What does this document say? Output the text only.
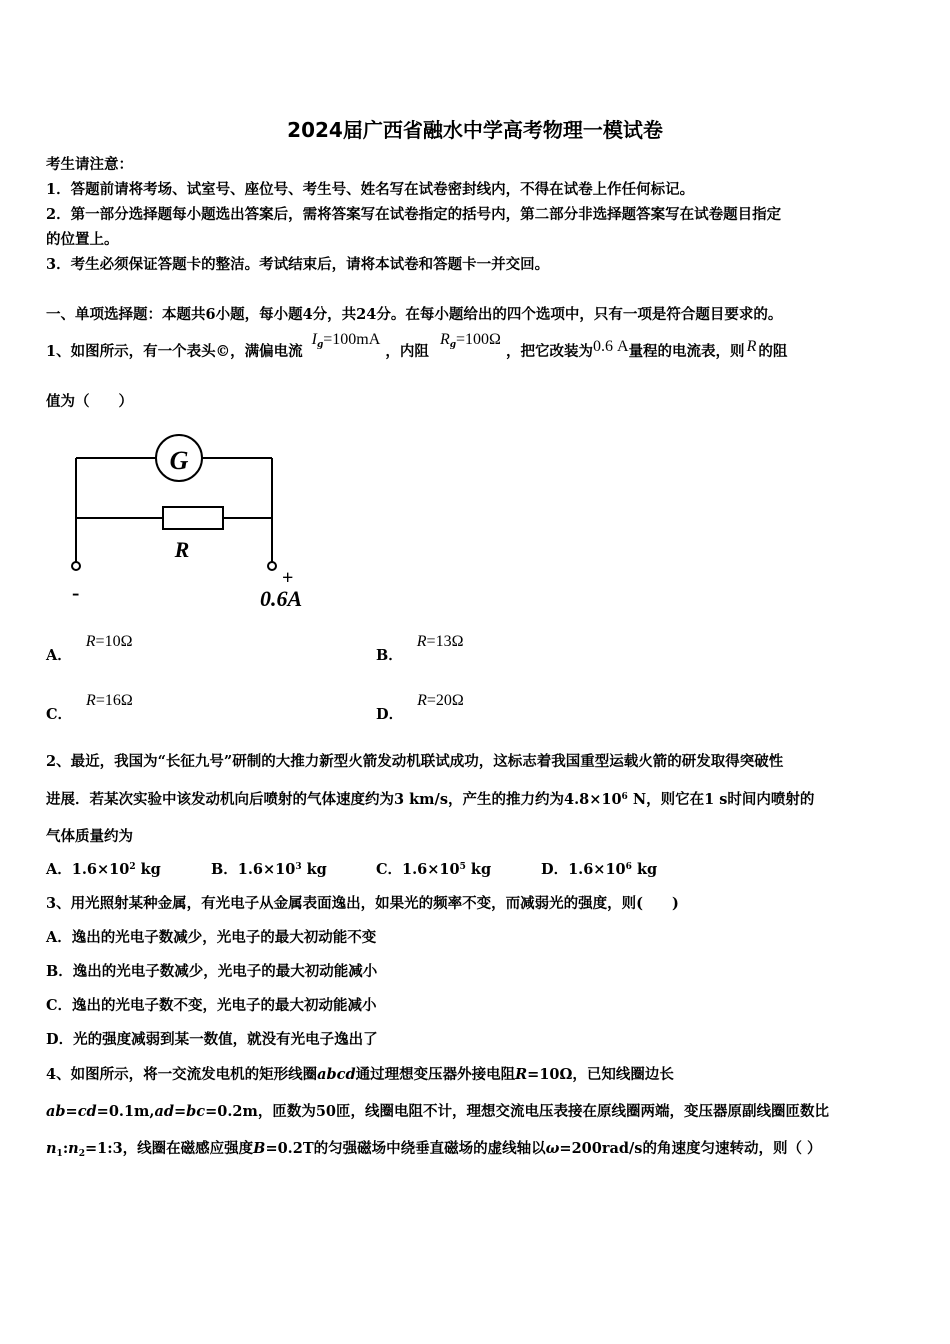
2024届广西省融水中学高考物理一模试卷
考生请注意：
1．答题前请将考场、试室号、座位号、考生号、姓名写在试卷密封线内，不得在试卷上作任何标记。
2．第一部分选择题每小题选出答案后，需将答案写在试卷指定的括号内，第二部分非选择题答案写在试卷题目指定
的位置上。
3．考生必须保证答题卡的整洁。考试结束后，请将本试卷和答题卡一并交回。
一、单项选择题：本题共6小题，每小题4分，共24分。在每小题给出的四个选项中，只有一项是符合题目要求的。
1、如图所示，有一个表头©，满偏电流 $I_g=100mA$ ，内阻 $R_g=100\Omega$ ，把它改装为0.6 A量程的电流表，则 R 的阻
值为（　　）
G
R
-
+
0.6A
A．R=10Ω
B．R=13Ω
C．R=16Ω
D．R=20Ω
2、最近，我国为“长征九号”研制的大推力新型火箭发动机联试成功，这标志着我国重型运载火箭的研发取得突破性
进展．若某次实验中该发动机向后喷射的气体速度约为3 km/s，产生的推力约为$4.8\times 10^6$ N，则它在1 s时间内喷射的
气体质量约为
A．$1.6\times 10^2$ kg	B．$1.6\times 10^3$ kg	C．$1.6\times 10^5$ kg	D．$1.6\times 10^6$ kg
3、用光照射某种金属，有光电子从金属表面逸出，如果光的频率不变，而减弱光的强度，则(　　)
A．逸出的光电子数减少，光电子的最大初动能不变
B．逸出的光电子数减少，光电子的最大初动能减小
C．逸出的光电子数不变，光电子的最大初动能减小
D．光的强度减弱到某一数值，就没有光电子逸出了
4、如图所示，将一交流发电机的矩形线圈abcd通过理想变压器外接电阻R=10Ω，已知线圈边长
ab=cd=0.1m,ad=bc=0.2m，匝数为50匝，线圈电阻不计，理想交流电压表接在原线圈两端，变压器原副线圈匝数比
$n_1:n_2=1:3$，线圈在磁感应强度B=0.2T的匀强磁场中绕垂直磁场的虚线轴以ω=200rad/s的角速度匀速转动，则（ ）
